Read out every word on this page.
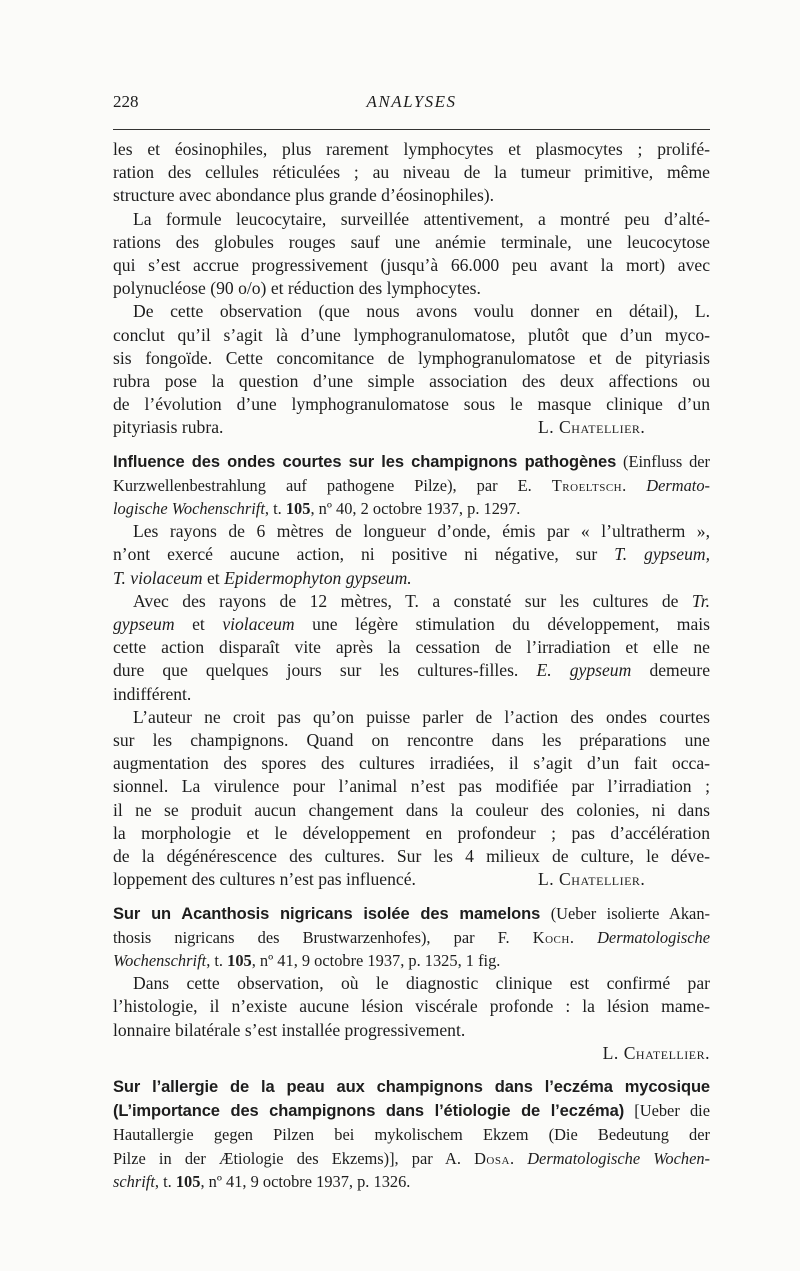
228	ANALYSES
les et éosinophiles, plus rarement lymphocytes et plasmocytes ; prolifé-
ration des cellules réticulées ; au niveau de la tumeur primitive, même
structure avec abondance plus grande d’éosinophiles).
La formule leucocytaire, surveillée attentivement, a montré peu d’alté-
rations des globules rouges sauf une anémie terminale, une leucocytose
qui s’est accrue progressivement (jusqu’à 66.000 peu avant la mort) avec
polynucléose (90 o/o) et réduction des lymphocytes.
De cette observation (que nous avons voulu donner en détail), L.
conclut qu’il s’agit là d’une lymphogranulomatose, plutôt que d’un myco-
sis fongoïde. Cette concomitance de lymphogranulomatose et de pityriasis
rubra pose la question d’une simple association des deux affections ou
de l’évolution d’une lymphogranulomatose sous le masque clinique d’un
pityriasis rubra.	L. Chatellier.
Influence des ondes courtes sur les champignons pathogènes (Einfluss der
Kurzwellenbestrahlung auf pathogene Pilze), par E. Troeltsch. Dermato-
logische Wochenschrift, t. 105, nº 40, 2 octobre 1937, p. 1297.
Les rayons de 6 mètres de longueur d’onde, émis par « l’ultratherm »,
n’ont exercé aucune action, ni positive ni négative, sur T. gypseum,
T. violaceum et Epidermophyton gypseum.
Avec des rayons de 12 mètres, T. a constaté sur les cultures de Tr.
gypseum et violaceum une légère stimulation du développement, mais
cette action disparaît vite après la cessation de l’irradiation et elle ne
dure que quelques jours sur les cultures-filles. E. gypseum demeure
indifférent.
L’auteur ne croit pas qu’on puisse parler de l’action des ondes courtes
sur les champignons. Quand on rencontre dans les préparations une
augmentation des spores des cultures irradiées, il s’agit d’un fait occa-
sionnel. La virulence pour l’animal n’est pas modifiée par l’irradiation ;
il ne se produit aucun changement dans la couleur des colonies, ni dans
la morphologie et le développement en profondeur ; pas d’accélération
de la dégénérescence des cultures. Sur les 4 milieux de culture, le déve-
loppement des cultures n’est pas influencé.	L. Chatellier.
Sur un Acanthosis nigricans isolée des mamelons (Ueber isolierte Akan-
thosis nigricans des Brustwarzenhofes), par F. Koch. Dermatologische
Wochenschrift, t. 105, nº 41, 9 octobre 1937, p. 1325, 1 fig.
Dans cette observation, où le diagnostic clinique est confirmé par
l’histologie, il n’existe aucune lésion viscérale profonde : la lésion mame-
lonnaire bilatérale s’est installée progressivement.
L. Chatellier.
Sur l’allergie de la peau aux champignons dans l’eczéma mycosique
(L’importance des champignons dans l’étiologie de l’eczéma) [Ueber die
Hautallergie gegen Pilzen bei mykolischem Ekzem (Die Bedeutung der
Pilze in der Ætiologie des Ekzems)], par A. Dosa. Dermatologische Wochen-
schrift, t. 105, nº 41, 9 octobre 1937, p. 1326.
